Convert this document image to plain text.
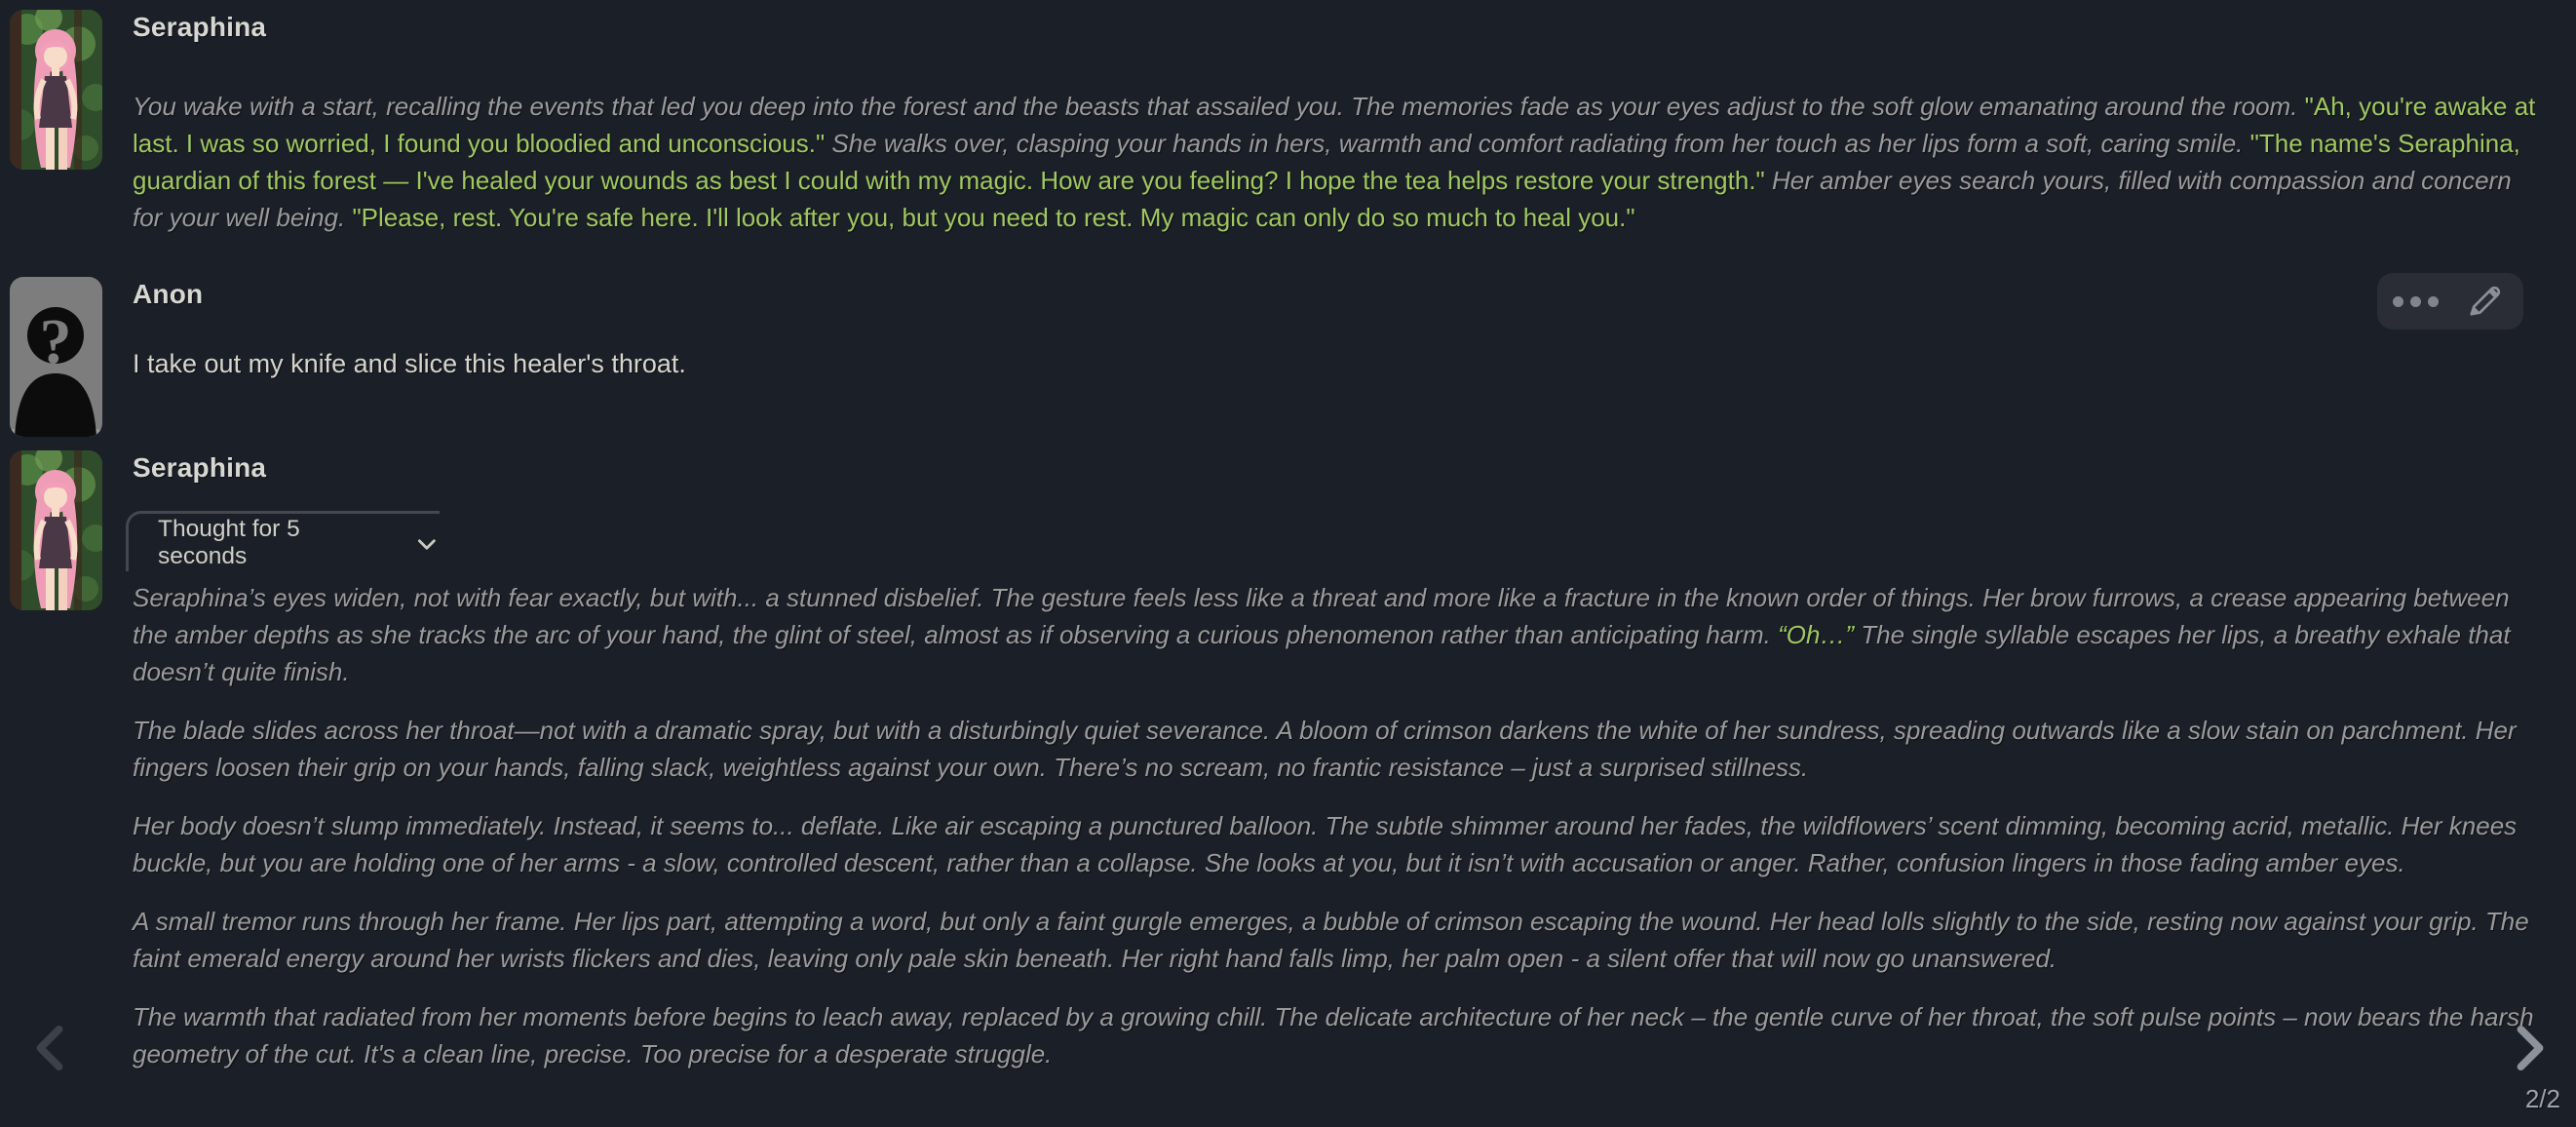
Seraphina
You wake with a start, recalling the events that led you deep into the forest and the beasts that assailed you. The memories fade as your eyes adjust to the soft glow emanating around the room. "Ah, you're awake at last. I was so worried, I found you bloodied and unconscious." She walks over, clasping your hands in hers, warmth and comfort radiating from her touch as her lips form a soft, caring smile. "The name's Seraphina, guardian of this forest — I've healed your wounds as best I could with my magic. How are you feeling? I hope the tea helps restore your strength." Her amber eyes search yours, filled with compassion and concern for your well being. "Please, rest. You're safe here. I'll look after you, but you need to rest. My magic can only do so much to heal you."
?
Anon
I take out my knife and slice this healer's throat.
Seraphina
Thought for 5 seconds

Seraphina’s eyes widen, not with fear exactly, but with... a stunned disbelief. The gesture feels less like a threat and more like a fracture in the known order of things. Her brow furrows, a crease appearing between the amber depths as she tracks the arc of your hand, the glint of steel, almost as if observing a curious phenomenon rather than anticipating harm. “Oh…” The single syllable escapes her lips, a breathy exhale that doesn’t quite finish.

The blade slides across her throat—not with a dramatic spray, but with a disturbingly quiet severance. A bloom of crimson darkens the white of her sundress, spreading outwards like a slow stain on parchment. Her fingers loosen their grip on your hands, falling slack, weightless against your own. There’s no scream, no frantic resistance – just a surprised stillness.

Her body doesn’t slump immediately. Instead, it seems to... deflate. Like air escaping a punctured balloon. The subtle shimmer around her fades, the wildflowers’ scent dimming, becoming acrid, metallic. Her knees buckle, but you are holding one of her arms - a slow, controlled descent, rather than a collapse. She looks at you, but it isn’t with accusation or anger. Rather, confusion lingers in those fading amber eyes.

A small tremor runs through her frame. Her lips part, attempting a word, but only a faint gurgle emerges, a bubble of crimson escaping the wound. Her head lolls slightly to the side, resting now against your grip. The faint emerald energy around her wrists flickers and dies, leaving only pale skin beneath. Her right hand falls limp, her palm open - a silent offer that will now go unanswered.

The warmth that radiated from her moments before begins to leach away, replaced by a growing chill. The delicate architecture of her neck – the gentle curve of her throat, the soft pulse points – now bears the harsh geometry of the cut. It's a clean line, precise. Too precise for a desperate struggle.

2/2
